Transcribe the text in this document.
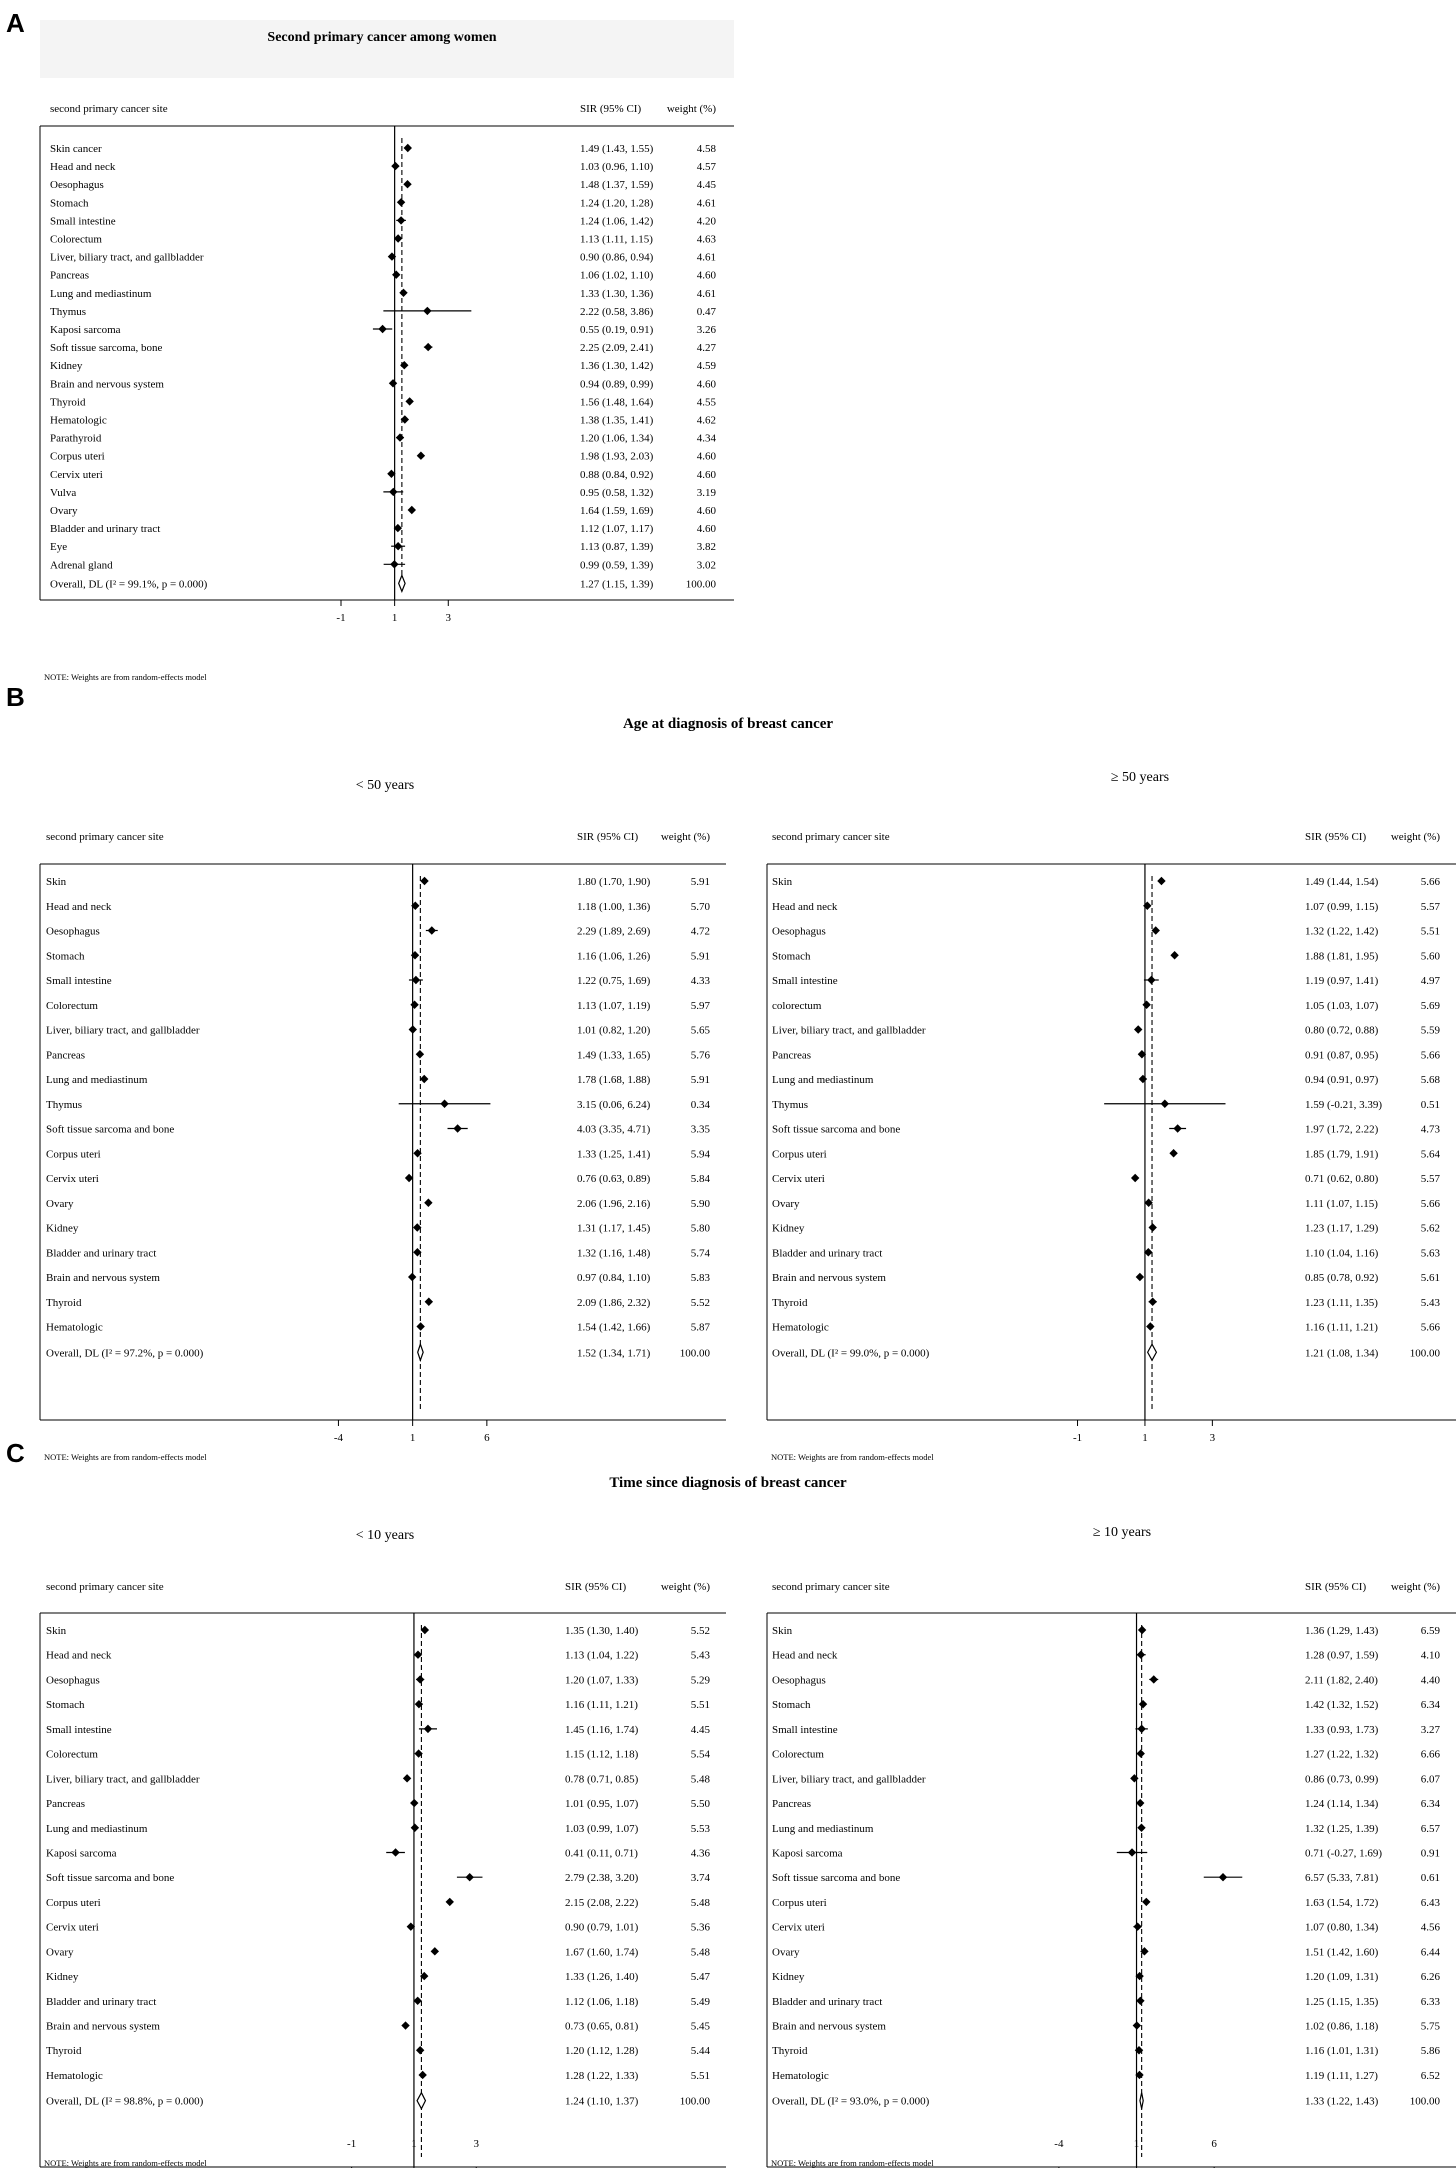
A
B
C
Age at diagnosis of breast cancer
Time since diagnosis of breast cancer
Second primary cancer among women
second primary cancer site	SIR (95% CI) weight (%)
-1	1	3
Skin cancer	1.49 (1.43, 1.55)	4.58
Head and neck	1.03 (0.96, 1.10)	4.57
Oesophagus	1.48 (1.37, 1.59)	4.45
Stomach	1.24 (1.20, 1.28)	4.61
Small intestine	1.24 (1.06, 1.42)	4.20
Colorectum	1.13 (1.11, 1.15)	4.63
Liver, biliary tract, and gallbladder	0.90 (0.86, 0.94)	4.61
Pancreas	1.06 (1.02, 1.10)	4.60
Lung and mediastinum	1.33 (1.30, 1.36)	4.61
Thymus	2.22 (0.58, 3.86)	0.47
Kaposi sarcoma	0.55 (0.19, 0.91)	3.26
Soft tissue sarcoma, bone	2.25 (2.09, 2.41)	4.27
Kidney	1.36 (1.30, 1.42)	4.59
Brain and nervous system	0.94 (0.89, 0.99)	4.60
Thyroid	1.56 (1.48, 1.64)	4.55
Hematologic	1.38 (1.35, 1.41)	4.62
Parathyroid	1.20 (1.06, 1.34)	4.34
Corpus uteri	1.98 (1.93, 2.03)	4.60
Cervix uteri	0.88 (0.84, 0.92)	4.60
Vulva	0.95 (0.58, 1.32)	3.19
Ovary	1.64 (1.59, 1.69)	4.60
Bladder and urinary tract	1.12 (1.07, 1.17)	4.60
Eye	1.13 (0.87, 1.39)	3.82
Adrenal gland	0.99 (0.59, 1.39)	3.02
Overall, DL (I² = 99.1%, p = 0.000)	1.27 (1.15, 1.39)	100.00
NOTE: Weights are from random-effects model
< 50 years
second primary cancer site	SIR (95% CI) weight (%)
-4	1	6
Skin	1.80 (1.70, 1.90)	5.91
Head and neck	1.18 (1.00, 1.36)	5.70
Oesophagus	2.29 (1.89, 2.69)	4.72
Stomach	1.16 (1.06, 1.26)	5.91
Small intestine	1.22 (0.75, 1.69)	4.33
Colorectum	1.13 (1.07, 1.19)	5.97
Liver, biliary tract, and gallbladder	1.01 (0.82, 1.20)	5.65
Pancreas	1.49 (1.33, 1.65)	5.76
Lung and mediastinum	1.78 (1.68, 1.88)	5.91
Thymus	3.15 (0.06, 6.24)	0.34
Soft tissue sarcoma and bone	4.03 (3.35, 4.71)	3.35
Corpus uteri	1.33 (1.25, 1.41)	5.94
Cervix uteri	0.76 (0.63, 0.89)	5.84
Ovary	2.06 (1.96, 2.16)	5.90
Kidney	1.31 (1.17, 1.45)	5.80
Bladder and urinary tract	1.32 (1.16, 1.48)	5.74
Brain and nervous system	0.97 (0.84, 1.10)	5.83
Thyroid	2.09 (1.86, 2.32)	5.52
Hematologic	1.54 (1.42, 1.66)	5.87
Overall, DL (I² = 97.2%, p = 0.000)	1.52 (1.34, 1.71)	100.00
NOTE: Weights are from random-effects model
≥ 50 years
second primary cancer site	SIR (95% CI) weight (%)
-1	1	3
Skin	1.49 (1.44, 1.54)	5.66
Head and neck	1.07 (0.99, 1.15)	5.57
Oesophagus	1.32 (1.22, 1.42)	5.51
Stomach	1.88 (1.81, 1.95)	5.60
Small intestine	1.19 (0.97, 1.41)	4.97
colorectum	1.05 (1.03, 1.07)	5.69
Liver, biliary tract, and gallbladder	0.80 (0.72, 0.88)	5.59
Pancreas	0.91 (0.87, 0.95)	5.66
Lung and mediastinum	0.94 (0.91, 0.97)	5.68
Thymus	1.59 (-0.21, 3.39)	0.51
Soft tissue sarcoma and bone	1.97 (1.72, 2.22)	4.73
Corpus uteri	1.85 (1.79, 1.91)	5.64
Cervix uteri	0.71 (0.62, 0.80)	5.57
Ovary	1.11 (1.07, 1.15)	5.66
Kidney	1.23 (1.17, 1.29)	5.62
Bladder and urinary tract	1.10 (1.04, 1.16)	5.63
Brain and nervous system	0.85 (0.78, 0.92)	5.61
Thyroid	1.23 (1.11, 1.35)	5.43
Hematologic	1.16 (1.11, 1.21)	5.66
Overall, DL (I² = 99.0%, p = 0.000)	1.21 (1.08, 1.34)	100.00
NOTE: Weights are from random-effects model
< 10 years
second primary cancer site	SIR (95% CI)	weight (%)
-1	1	3
Skin	1.35 (1.30, 1.40)	5.52
Head and neck	1.13 (1.04, 1.22)	5.43
Oesophagus	1.20 (1.07, 1.33)	5.29
Stomach	1.16 (1.11, 1.21)	5.51
Small intestine	1.45 (1.16, 1.74)	4.45
Colorectum	1.15 (1.12, 1.18)	5.54
Liver, biliary tract, and gallbladder	0.78 (0.71, 0.85)	5.48
Pancreas	1.01 (0.95, 1.07)	5.50
Lung and mediastinum	1.03 (0.99, 1.07)	5.53
Kaposi sarcoma	0.41 (0.11, 0.71)	4.36
Soft tissue sarcoma and bone	2.79 (2.38, 3.20)	3.74
Corpus uteri	2.15 (2.08, 2.22)	5.48
Cervix uteri	0.90 (0.79, 1.01)	5.36
Ovary	1.67 (1.60, 1.74)	5.48
Kidney	1.33 (1.26, 1.40)	5.47
Bladder and urinary tract	1.12 (1.06, 1.18)	5.49
Brain and nervous system	0.73 (0.65, 0.81)	5.45
Thyroid	1.20 (1.12, 1.28)	5.44
Hematologic	1.28 (1.22, 1.33)	5.51
Overall, DL (I² = 98.8%, p = 0.000)	1.24 (1.10, 1.37)	100.00
NOTE: Weights are from random-effects model
≥ 10 years
second primary cancer site	SIR (95% CI) weight (%)
-4	1	6
Skin	1.36 (1.29, 1.43)	6.59
Head and neck	1.28 (0.97, 1.59)	4.10
Oesophagus	2.11 (1.82, 2.40)	4.40
Stomach	1.42 (1.32, 1.52)	6.34
Small intestine	1.33 (0.93, 1.73)	3.27
Colorectum	1.27 (1.22, 1.32)	6.66
Liver, biliary tract, and gallbladder	0.86 (0.73, 0.99)	6.07
Pancreas	1.24 (1.14, 1.34)	6.34
Lung and mediastinum	1.32 (1.25, 1.39)	6.57
Kaposi sarcoma	0.71 (-0.27, 1.69)	0.91
Soft tissue sarcoma and bone	6.57 (5.33, 7.81)	0.61
Corpus uteri	1.63 (1.54, 1.72)	6.43
Cervix uteri	1.07 (0.80, 1.34)	4.56
Ovary	1.51 (1.42, 1.60)	6.44
Kidney	1.20 (1.09, 1.31)	6.26
Bladder and urinary tract	1.25 (1.15, 1.35)	6.33
Brain and nervous system	1.02 (0.86, 1.18)	5.75
Thyroid	1.16 (1.01, 1.31)	5.86
Hematologic	1.19 (1.11, 1.27)	6.52
Overall, DL (I² = 93.0%, p = 0.000)	1.33 (1.22, 1.43)	100.00
NOTE: Weights are from random-effects model
